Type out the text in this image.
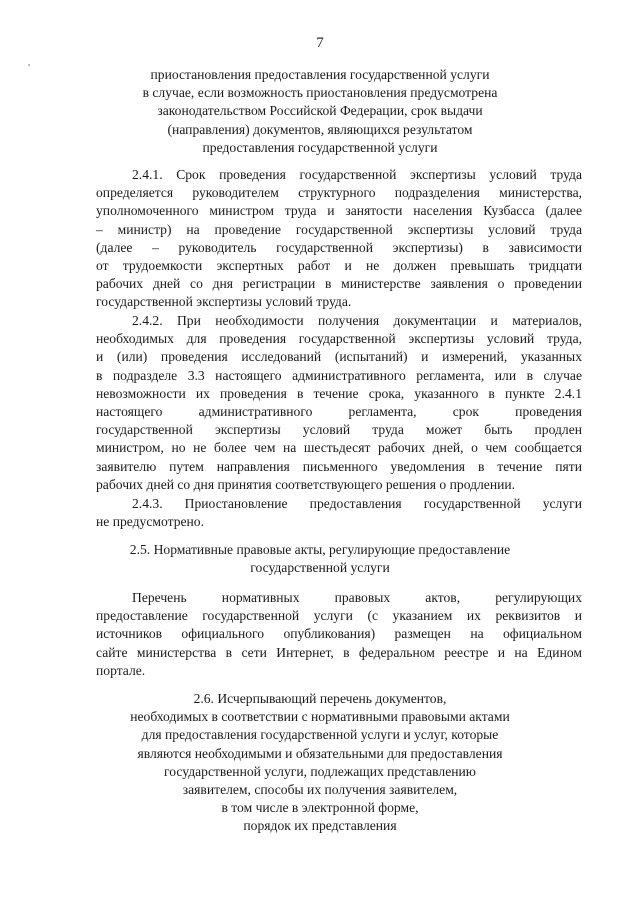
7
приостановления предоставления государственной услуги
в случае, если возможность приостановления предусмотрена
законодательством Российской Федерации, срок выдачи
(направления) документов, являющихся результатом
предоставления государственной услуги
2.4.1. Срок проведения государственной экспертизы условий труда
определяется руководителем структурного подразделения министерства,
уполномоченного министром труда и занятости населения Кузбасса (далее
– министр) на проведение государственной экспертизы условий труда
(далее – руководитель государственной экспертизы) в зависимости
от трудоемкости экспертных работ и не должен превышать тридцати
рабочих дней со дня регистрации в министерстве заявления о проведении
государственной экспертизы условий труда.
2.4.2. При необходимости получения документации и материалов,
необходимых для проведения государственной экспертизы условий труда,
и (или) проведения исследований (испытаний) и измерений, указанных
в подразделе 3.3 настоящего административного регламента, или в случае
невозможности их проведения в течение срока, указанного в пункте 2.4.1
настоящего административного регламента, срок проведения
государственной экспертизы условий труда может быть продлен
министром, но не более чем на шестьдесят рабочих дней, о чем сообщается
заявителю путем направления письменного уведомления в течение пяти
рабочих дней со дня принятия соответствующего решения о продлении.
2.4.3. Приостановление предоставления государственной услуги
не предусмотрено.
2.5. Нормативные правовые акты, регулирующие предоставление
государственной услуги
Перечень нормативных правовых актов, регулирующих
предоставление государственной услуги (с указанием их реквизитов и
источников официального опубликования) размещен на официальном
сайте министерства в сети Интернет, в федеральном реестре и на Едином
портале.
2.6. Исчерпывающий перечень документов,
необходимых в соответствии с нормативными правовыми актами
для предоставления государственной услуги и услуг, которые
являются необходимыми и обязательными для предоставления
государственной услуги, подлежащих представлению
заявителем, способы их получения заявителем,
в том числе в электронной форме,
порядок их представления
